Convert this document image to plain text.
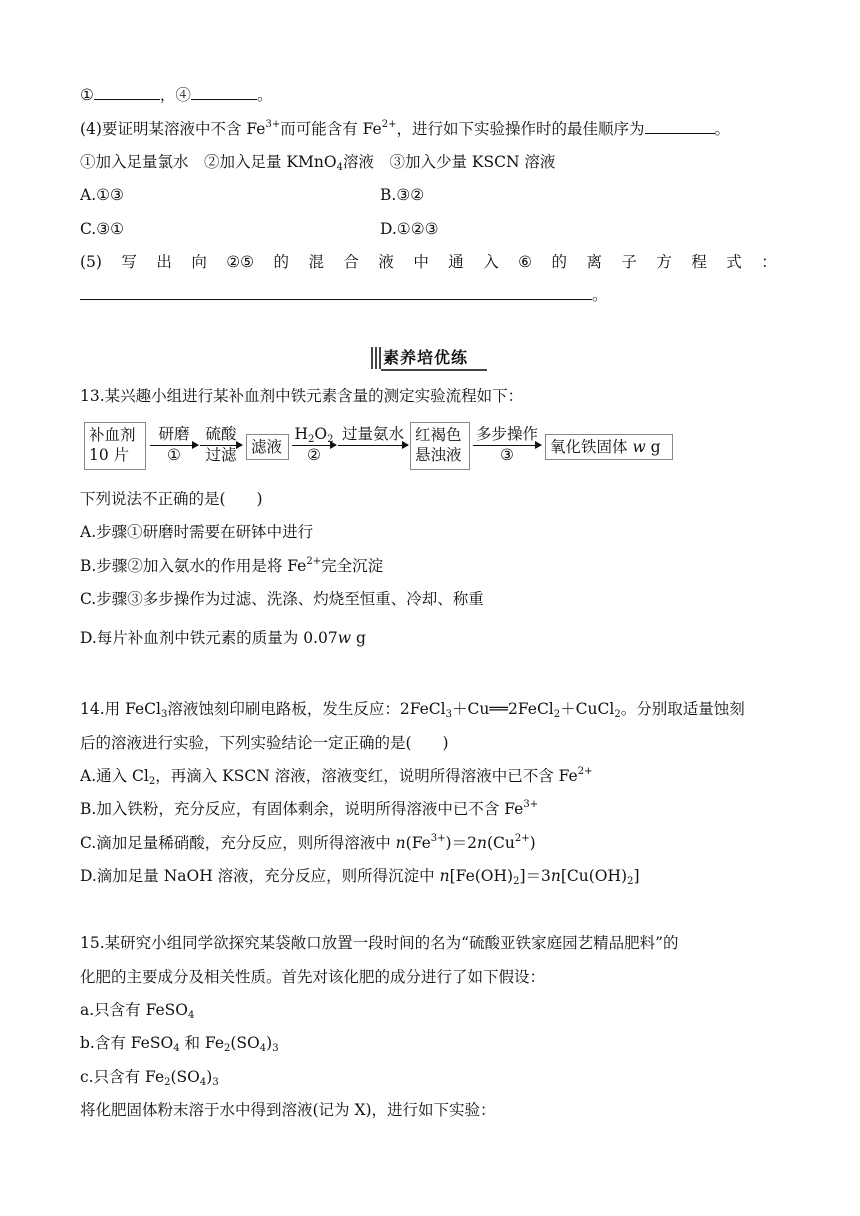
①	，④	。
(4)要证明某溶液中不含 $Fe^{3+}$而可能含有 $Fe^{2+}$，进行如下实验操作时的最佳顺序为	。
①加入足量氯水　②加入足量 KMnO$_4$溶液　③加入少量 KSCN 溶液
A.①③	B.③②
C.③①	D.①②③
(5) 写 出 向 ②⑤ 的 混 合 液 中 通 入 ⑥ 的 离 子 方 程 式 ：
。
素养培优练
13.某兴趣小组进行某补血剂中铁元素含量的测定实验流程如下：
补血剂
10 片
研磨
①
硫酸
过滤 滤液
$H_2O_2$
②
过量氨水 红褐色
悬浊液
多步操作
③	氧化铁固体 w g
下列说法不正确的是(　　)
A.步骤①研磨时需要在研钵中进行
B.步骤②加入氨水的作用是将 $Fe^{2+}$完全沉淀
C.步骤③多步操作为过滤、洗涤、灼烧至恒重、冷却、称重
D.每片补血剂中铁元素的质量为 0.07w g
14.用 FeCl$_3$溶液蚀刻印刷电路板，发生反应：2FeCl$_3$＋Cu══2FeCl$_2$＋CuCl$_2$。分别取适量蚀刻
后的溶液进行实验，下列实验结论一定正确的是(　　)
A.通入 $Cl_2$，再滴入 KSCN 溶液，溶液变红，说明所得溶液中已不含 $Fe^{2+}$
B.加入铁粉，充分反应，有固体剩余，说明所得溶液中已不含 $Fe^{3+}$
C.滴加足量稀硝酸，充分反应，则所得溶液中 $n(Fe^{3+})=2n(Cu^{2+})$
D.滴加足量 NaOH 溶液，充分反应，则所得沉淀中 $n[Fe(OH)_2]=3n[Cu(OH)_2]$
15.某研究小组同学欲探究某袋敞口放置一段时间的名为“硫酸亚铁家庭园艺精品肥料”的
化肥的主要成分及相关性质。首先对该化肥的成分进行了如下假设：
a.只含有 FeSO$_4$
b.含有 FeSO$_4$ 和 $Fe_2(SO_4)_3$
c.只含有 $Fe_2(SO_4)_3$
将化肥固体粉末溶于水中得到溶液(记为 X)，进行如下实验：
